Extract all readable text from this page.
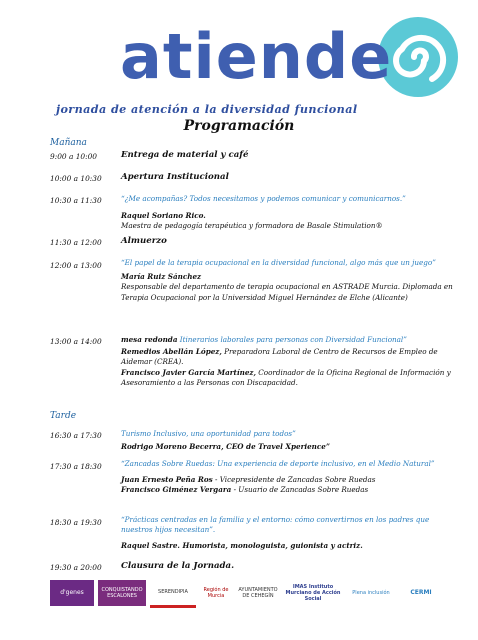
atiende
jornada de atención a la diversidad funcional
Programación
Mañana
9:00 a 10:00	Entrega de material y café
10:00 a 10:30 Apertura Institucional
10:30 a 11:30	“¿Me acompañas? Todos necesitamos y podemos comunicar y comunicarnos.”

Raquel Soriano Rico.

Maestra de pedagogía terapéutica y formadora de Basale Stimulation®

11:30 a 12:00 Almuerzo
12:00 a 13:00	“El papel de la terapia ocupacional en la diversidad funcional, algo más que un juego”

María Ruiz Sánchez

Responsable del departamento de terapia ocupacional en ASTRADE Murcia. Diplomada en Terapia Ocupacional por la Universidad Miguel Hernández de Elche (Alicante)

13:00 a 14:00	mesa redonda Itinerarios laborales para personas con Diversidad Funcional”

Remedios Abellán López, Preparadora Laboral de Centro de Recursos de Empleo de Aidemar (CREA).

Francisco Javier García Martínez, Coordinador de la Oficina Regional de Información y Asesoramiento a las Personas con Discapacidad.

Tarde
16:30 a 17:30	Turismo Inclusivo, una oportunidad para todos”

Rodrigo Moreno Becerra, CEO de Travel Xperience”

17:30 a 18:30	“Zancadas Sobre Ruedas: Una experiencia de deporte inclusivo, en el Medio Natural”

Juan Ernesto Peña Ros - Vicepresidente de Zancadas Sobre Ruedas

Francisco Giménez Vergara - Usuario de Zancadas Sobre Ruedas

18:30 a 19:30	“Prácticas centradas en la familia y el entorno: cómo convertirnos en los padres que nuestros hijos necesitan”.

Raquel Sastre. Humorista, monologuista, guionista y actriz.

19:30 a 20:00 Clausura de la Jornada.
d'genes	CONQUISTANDO ESCALONES
SERENDIPIA	Región de Murcia
AYUNTAMIENTO DE CEHEGÍN
IMAS Instituto Murciano de Acción Social
Plena inclusión	CERMI
